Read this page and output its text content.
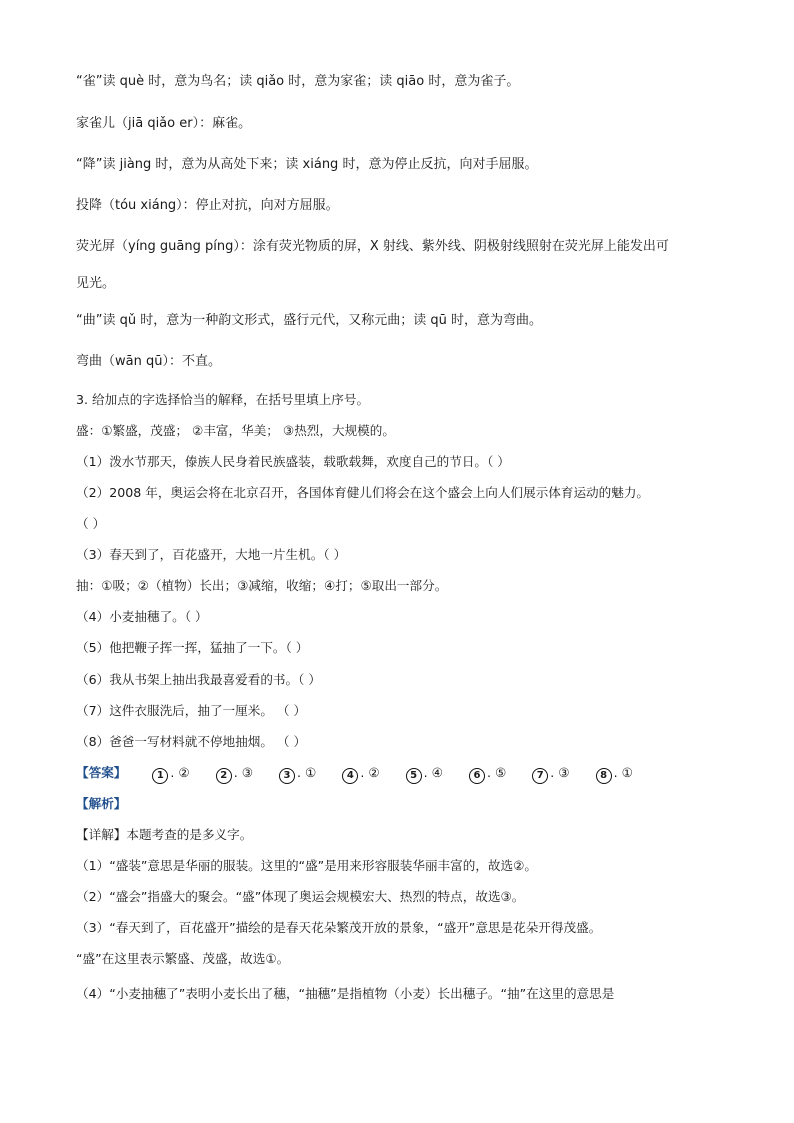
“雀”读 què 时，意为鸟名；读 qiǎo 时，意为家雀；读 qiāo 时，意为雀子。
家雀儿（jiā qiǎo er）：麻雀。
“降”读 jiàng 时，意为从高处下来；读 xiáng 时，意为停止反抗，向对手屈服。
投降（tóu xiáng）：停止对抗，向对方屈服。
荧光屏（yíng guāng píng）：涂有荧光物质的屏，X 射线、紫外线、阴极射线照射在荧光屏上能发出可
见光。
“曲”读 qǔ 时，意为一种韵文形式，盛行元代，又称元曲；读 qū 时，意为弯曲。
弯曲（wān qū）：不直。
3. 给加点的字选择恰当的解释，在括号里填上序号。
盛：①繁盛，茂盛； ②丰富，华美； ③热烈，大规模的。
（1）泼水节那天，傣族人民身着民族盛装，载歌载舞，欢度自己的节日。（ ）
（2）2008 年，奥运会将在北京召开，各国体育健儿们将会在这个盛会上向人们展示体育运动的魅力。
（ ）
（3）春天到了，百花盛开，大地一片生机。（ ）
抽：①吸；②（植物）长出；③减缩，收缩；④打；⑤取出一部分。
（4）小麦抽穗了。（ ）
（5）他把鞭子挥一挥，猛抽了一下。（ ）
（6）我从书架上抽出我最喜爱看的书。（ ）
（7）这件衣服洗后，抽了一厘米。 （ ）
（8）爸爸一写材料就不停地抽烟。 （ ）
【答案】	1 . ②	2 . ③	3 . ①	4 . ②	5 . ④	6 . ⑤	7 . ③	8 . ①
【解析】
【详解】本题考查的是多义字。
（1）“盛装”意思是华丽的服装。这里的“盛”是用来形容服装华丽丰富的，故选②。
（2）“盛会”指盛大的聚会。“盛”体现了奥运会规模宏大、热烈的特点，故选③。
（3）“春天到了，百花盛开”描绘的是春天花朵繁茂开放的景象，“盛开”意思是花朵开得茂盛。
“盛”在这里表示繁盛、茂盛，故选①。
（4）“小麦抽穗了”表明小麦长出了穗，“抽穗”是指植物（小麦）长出穗子。“抽”在这里的意思是
